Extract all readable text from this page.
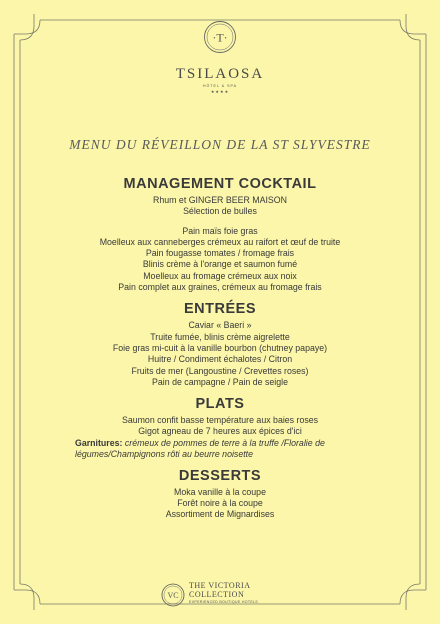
·T·
TSILAOSA
HÔTEL & SPA
★★★★
MENU DU RÉVEILLON DE LA ST SLYVESTRE
MANAGEMENT COCKTAIL

Rhum et GINGER BEER MAISON

Sélection de bulles

Pain maïs foie gras

Moelleux aux canneberges crémeux au raifort et œuf de truite

Pain fougasse tomates / fromage frais

Blinis crème à l'orange et saumon fumé

Moelleux au fromage crémeux aux noix

Pain complet aux graines, crémeux au fromage frais

ENTRÉES

Caviar « Baeri »

Truite fumée, blinis crème aigrelette

Foie gras mi-cuit à la vanille bourbon (chutney papaye)

Huitre / Condiment échalotes / Citron

Fruits de mer (Langoustine / Crevettes roses)

Pain de campagne / Pain de seigle

PLATS

Saumon confit basse température aux baies roses

Gigot agneau de 7 heures aux épices d'ici

Garnitures: crémeux de pommes de terre à la truffe /Floralie de légumes/Champignons rôti au beurre noisette
DESSERTS

Moka vanille à la coupe

Forêt noire à la coupe

Assortiment de Mignardises

VC
THE VICTORIA
COLLECTION
EXPERIENCED BOUTIQUE HOTELS
